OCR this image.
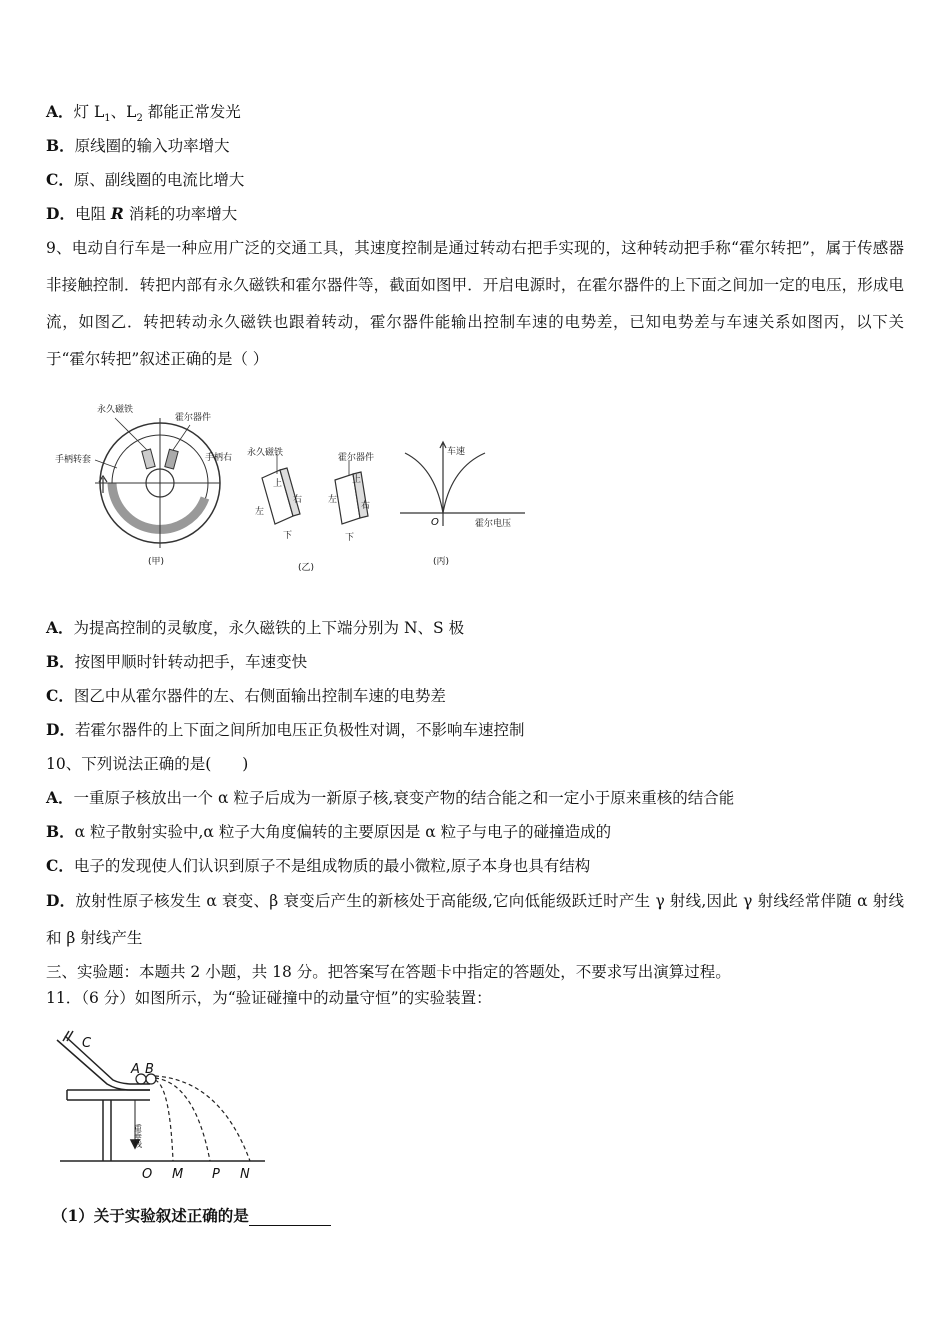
A．灯 $L_1$、$L_2$ 都能正常发光
B．原线圈的输入功率增大
C．原、副线圈的电流比增大
D．电阻 R 消耗的功率增大
9、电动自行车是一种应用广泛的交通工具，其速度控制是通过转动右把手实现的，这种转动把手称“霍尔转把”，属于传感器非接触控制．转把内部有永久磁铁和霍尔器件等，截面如图甲．开启电源时，在霍尔器件的上下面之间加一定的电压，形成电流，如图乙．转把转动永久磁铁也跟着转动，霍尔器件能输出控制车速的电势差，已知电势差与车速关系如图丙，以下关于“霍尔转把”叙述正确的是（ ）
永久磁铁
霍尔器件
手柄转套	手柄右
(甲)
永久磁铁	霍尔器件
上	上
左
右	左
右
下	下
(乙)
车速
霍尔电压
O
(丙)
A．为提高控制的灵敏度，永久磁铁的上下端分别为 N、S 极
B．按图甲顺时针转动把手，车速变快
C．图乙中从霍尔器件的左、右侧面输出控制车速的电势差
D．若霍尔器件的上下面之间所加电压正负极性对调，不影响车速控制
10、下列说法正确的是(　　)
A．一重原子核放出一个 α 粒子后成为一新原子核,衰变产物的结合能之和一定小于原来重核的结合能
B．α 粒子散射实验中,α 粒子大角度偏转的主要原因是 α 粒子与电子的碰撞造成的
C．电子的发现使人们认识到原子不是组成物质的最小微粒,原子本身也具有结构
D．放射性原子核发生 α 衰变、β 衰变后产生的新核处于高能级,它向低能级跃迁时产生 γ 射线,因此 γ 射线经常伴随 α 射线和 β 射线产生
三、实验题：本题共 2 小题，共 18 分。把答案写在答题卡中指定的答题处，不要求写出演算过程。
11．（6 分）如图所示，为“验证碰撞中的动量守恒”的实验装置：
C
A B
重垂线
O M P N
（1）关于实验叙述正确的是
